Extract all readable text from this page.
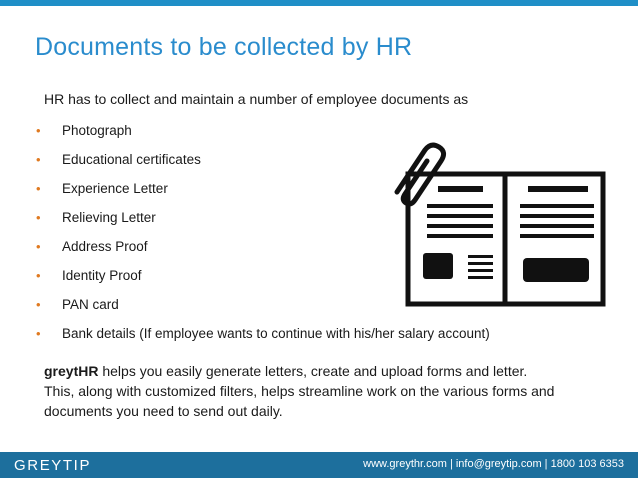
Documents to be collected by HR
HR has to collect and maintain a number of employee documents as
•	Photograph
•	Educational certificates
•	Experience Letter
•	Relieving Letter
•	Address Proof
•	Identity Proof
•	PAN card
•	Bank details (If employee wants to continue with his/her salary account)
greytHR helps you easily generate letters, create and upload forms and letter.
This, along with customized filters, helps streamline work on the various forms and
documents you need to send out daily.
GREYTIP	www.greythr.com | info@greytip.com | 1800 103 6353
